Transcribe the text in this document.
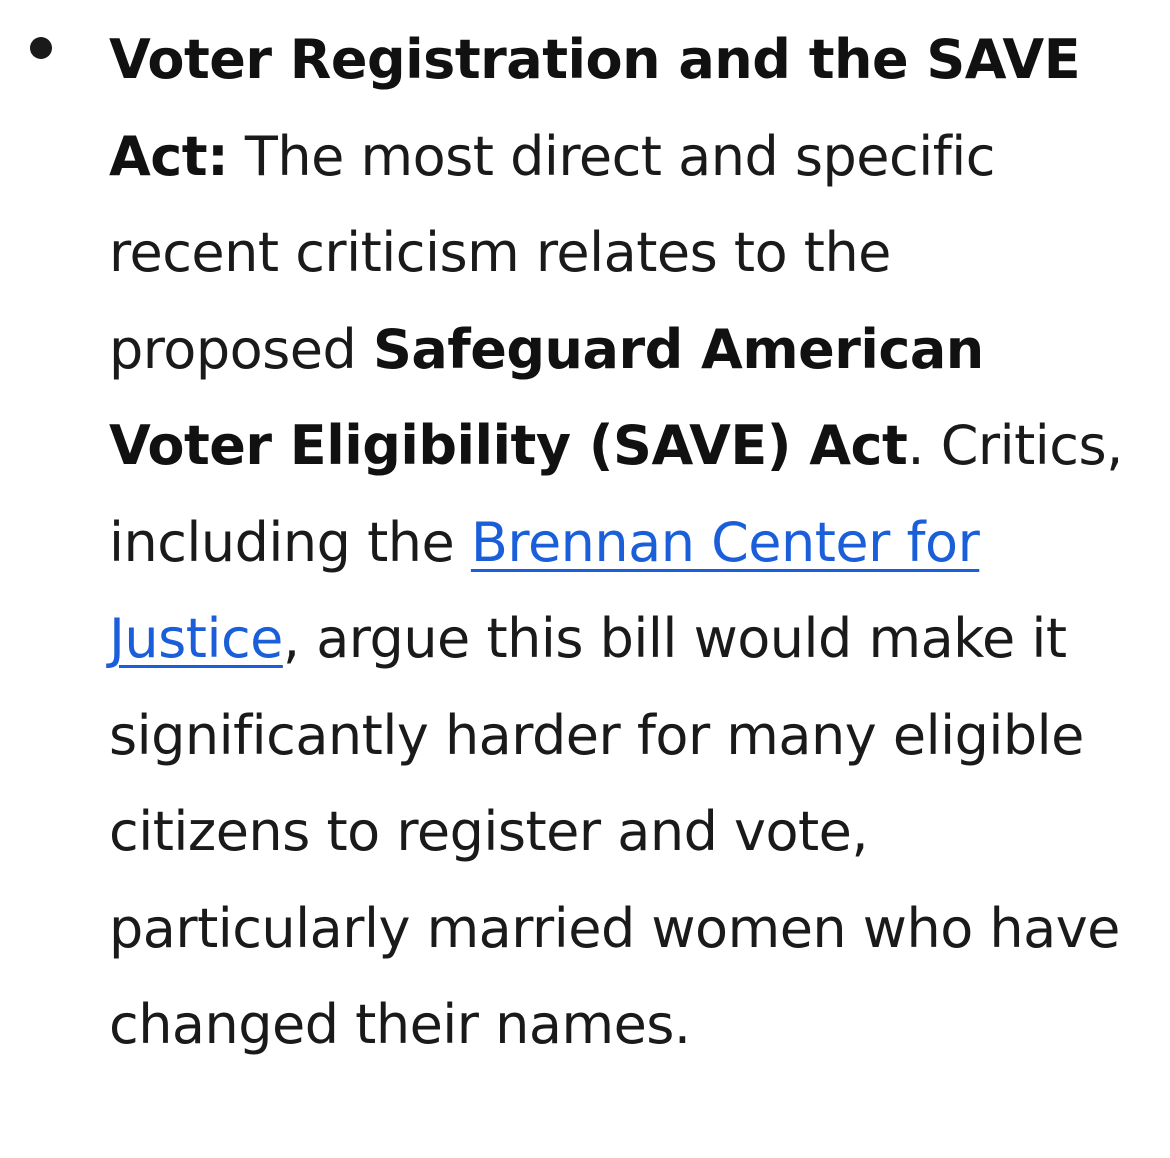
Voter Registration and the SAVE Act: The most direct and specific recent criticism relates to the proposed Safeguard American Voter Eligibility (SAVE) Act. Critics, including the Brennan Center for Justice, argue this bill would make it significantly harder for many eligible citizens to register and vote, particularly married women who have changed their names.
